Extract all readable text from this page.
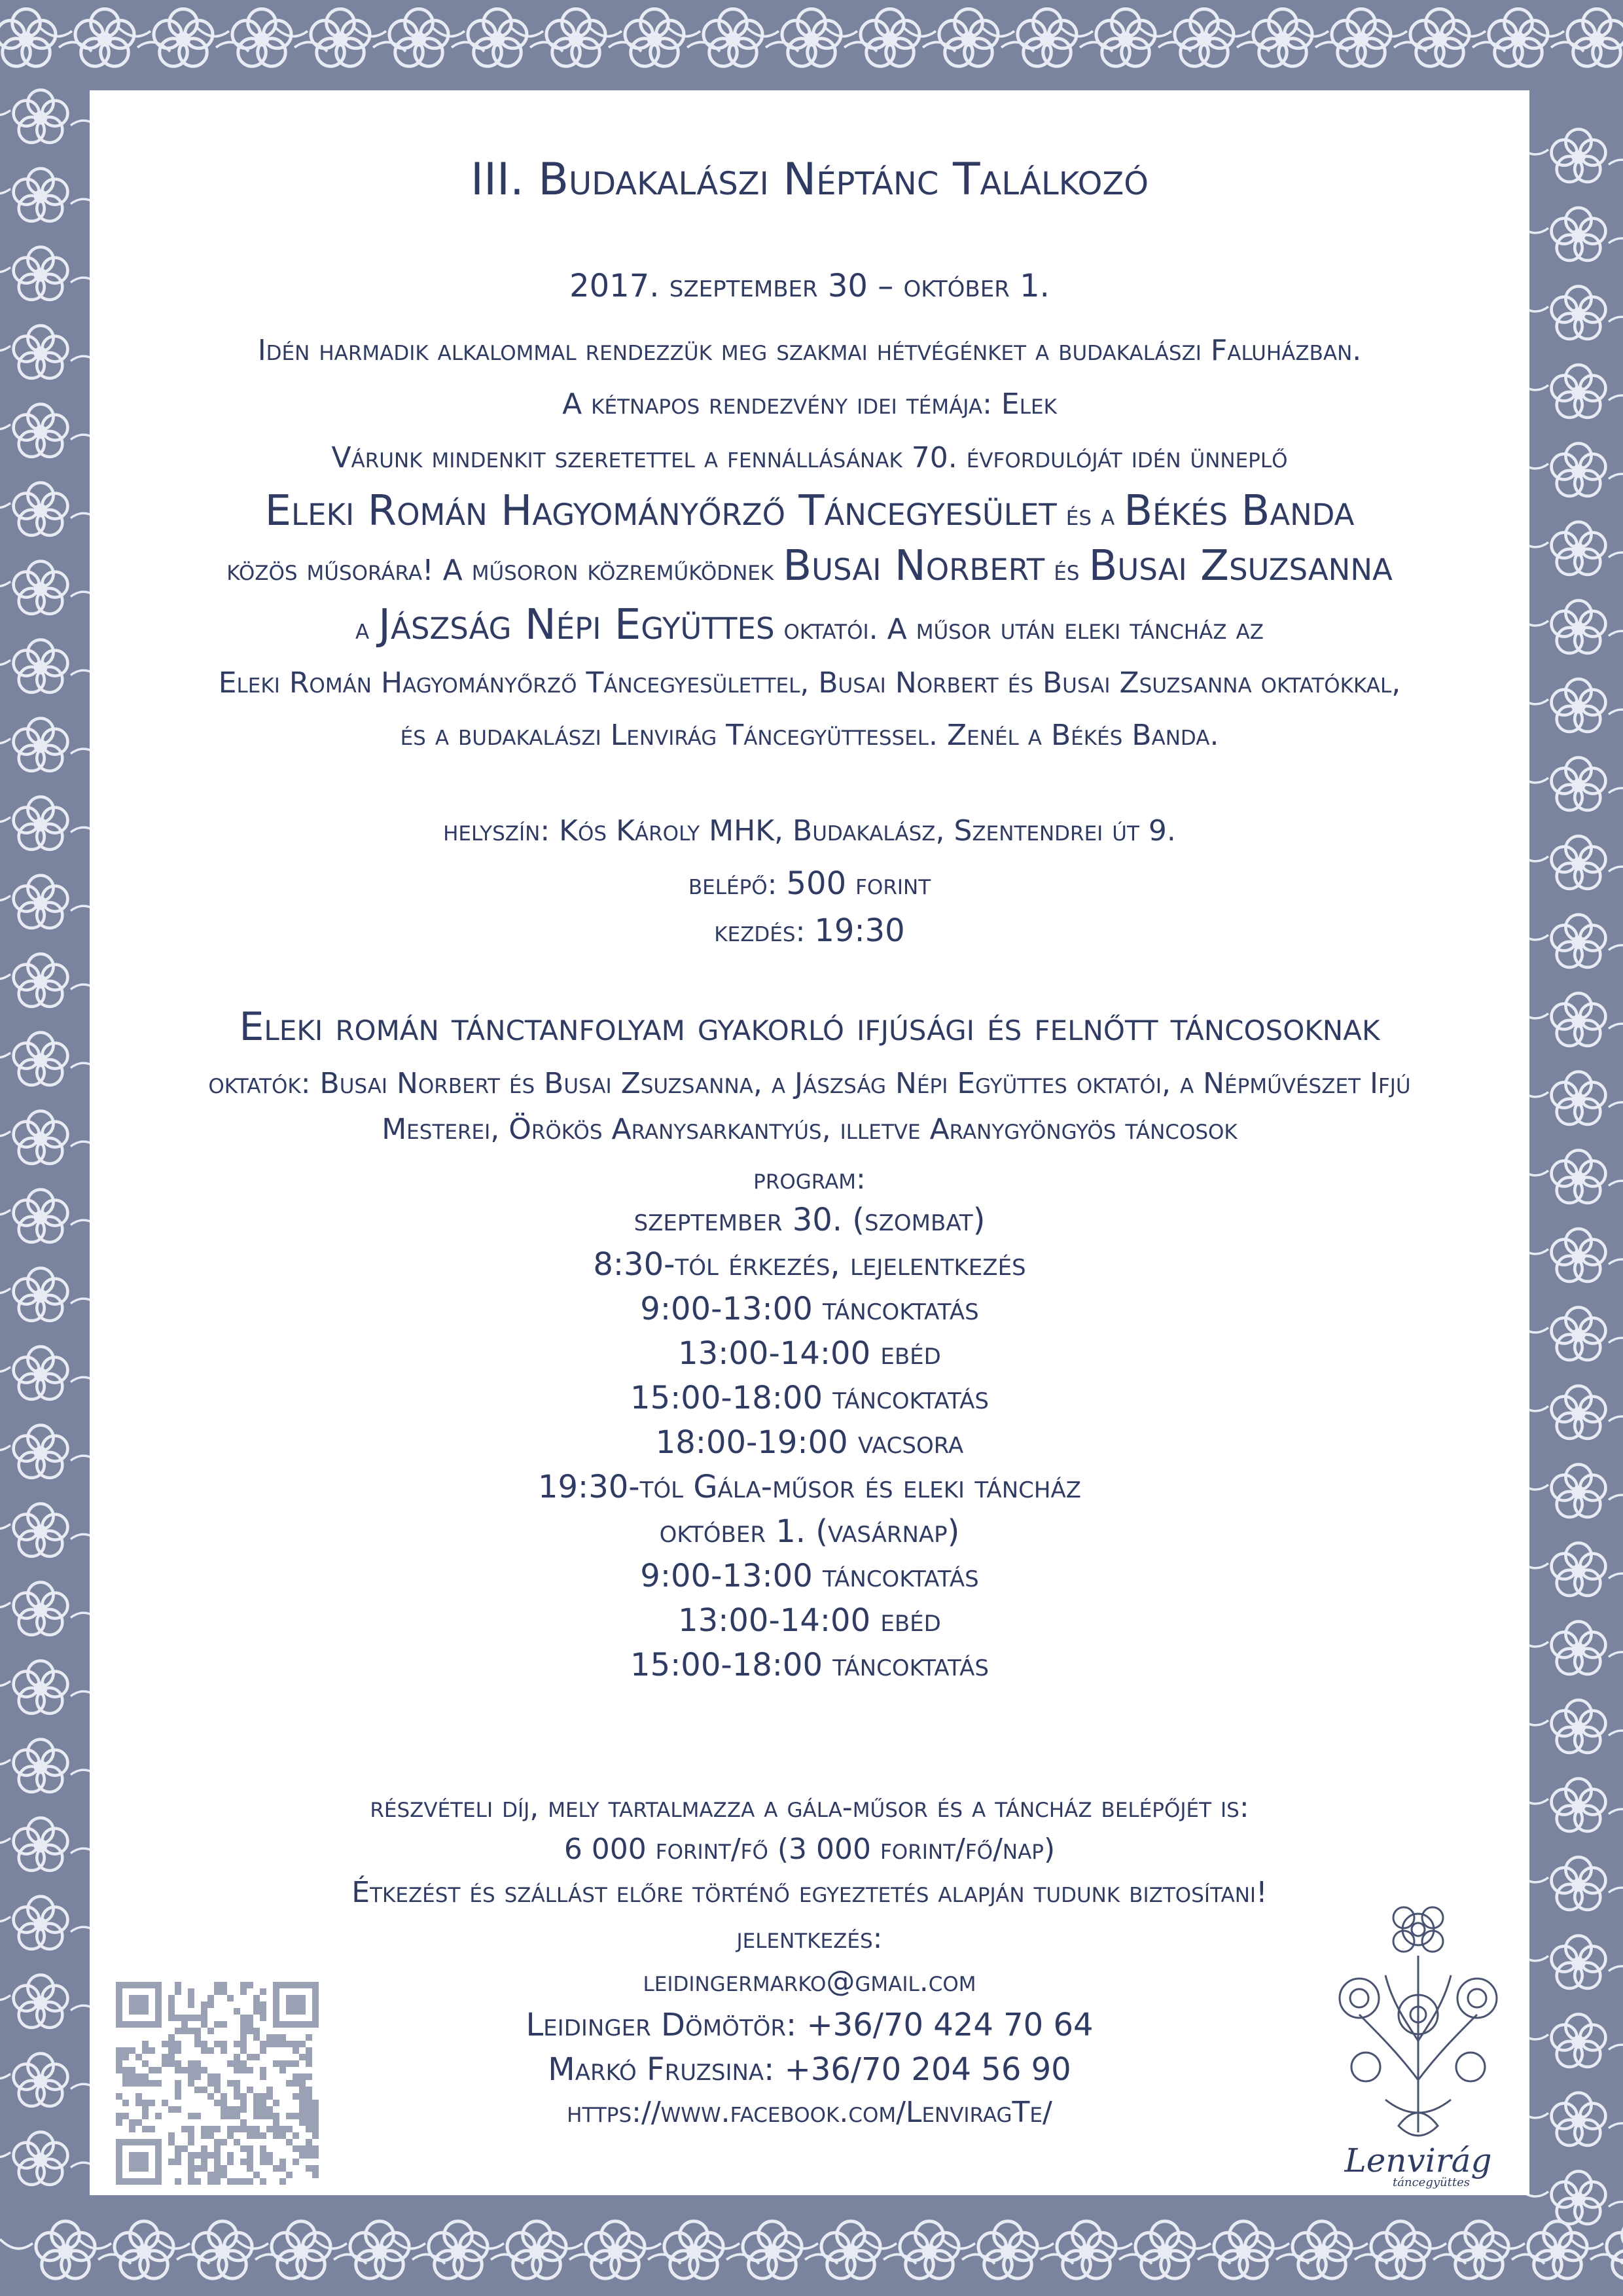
III. Budakalászi Néptánc Találkozó
2017. szeptember 30 – október 1.
Idén harmadik alkalommal rendezzük meg szakmai hétvégénket a budakalászi Faluházban.
A kétnapos rendezvény idei témája: Elek
Várunk mindenkit szeretettel a fennállásának 70. évfordulóját idén ünneplő
Eleki Román Hagyományőrző Táncegyesület és a Békés Banda
közös műsorára! A műsoron közreműködnek Busai Norbert és Busai Zsuzsanna
a Jászság Népi Együttes oktatói. A műsor után eleki táncház az
Eleki Román Hagyományőrző Táncegyesülettel, Busai Norbert és Busai Zsuzsanna oktatókkal,
és a budakalászi Lenvirág Táncegyüttessel. Zenél a Békés Banda.
helyszín: Kós Károly MHK, Budakalász, Szentendrei út 9.
belépő: 500 forint
kezdés: 19:30
Eleki román tánctanfolyam gyakorló ifjúsági és felnőtt táncosoknak
oktatók: Busai Norbert és Busai Zsuzsanna, a Jászság Népi Együttes oktatói, a Népművészet Ifjú
Mesterei, Örökös Aranysarkantyús, illetve Aranygyöngyös táncosok
program:
szeptember 30. (szombat)
8:30-tól érkezés, lejelentkezés
9:00-13:00 táncoktatás
13:00-14:00 ebéd
15:00-18:00 táncoktatás
18:00-19:00 vacsora
19:30-tól Gála-műsor és eleki táncház
október 1. (vasárnap)
9:00-13:00 táncoktatás
13:00-14:00 ebéd
15:00-18:00 táncoktatás
részvételi díj, mely tartalmazza a gála-műsor és a táncház belépőjét is:
6 000 forint/fő (3 000 forint/fő/nap)
Étkezést és szállást előre történő egyeztetés alapján tudunk biztosítani!
jelentkezés:
leidingermarko@gmail.com
Leidinger Dömötör: +36/70 424 70 64
Markó Fruzsina: +36/70 204 56 90
https://www.facebook.com/LenviragTe/
Lenvirág
táncegyüttes
